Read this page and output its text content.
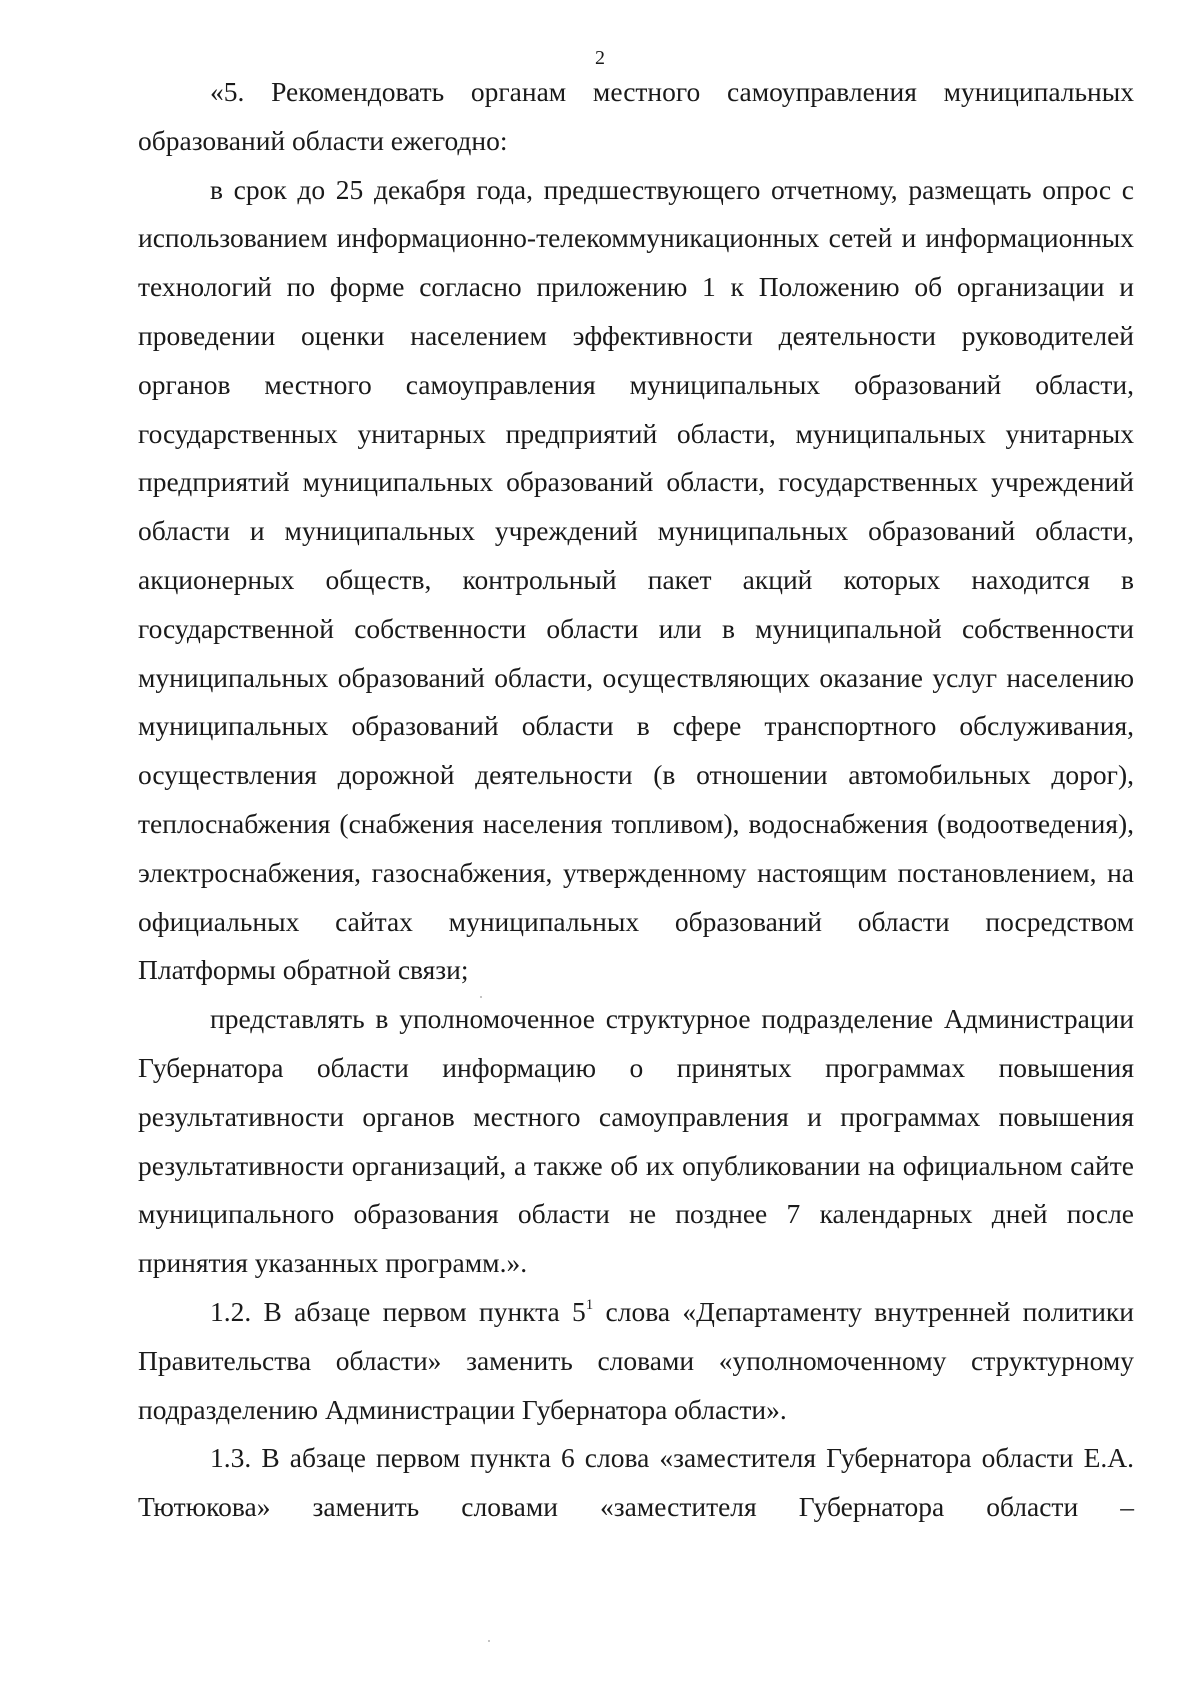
2

«5. Рекомендовать органам местного самоуправления муниципальных образований области ежегодно:

в срок до 25 декабря года, предшествующего отчетному, размещать опрос с использованием информационно-телекоммуникационных сетей и информационных технологий по форме согласно приложению 1 к Положению об организации и проведении оценки населением эффективности деятельности руководителей органов местного самоуправления муниципальных образований области, государственных унитарных предприятий области, муниципальных унитарных предприятий муниципальных образований области, государственных учреждений области и муниципальных учреждений муниципальных образований области, акционерных обществ, контрольный пакет акций которых находится в государственной собственности области или в муниципальной собственности муниципальных образований области, осуществляющих оказание услуг населению муниципальных образований области в сфере транспортного обслуживания, осуществления дорожной деятельности (в отношении автомобильных дорог), теплоснабжения (снабжения населения топливом), водоснабжения (водоотведения), электроснабжения, газоснабжения, утвержденному настоящим постановлением, на официальных сайтах муниципальных образований области посредством Платформы обратной связи;

представлять в уполномоченное структурное подразделение Администрации Губернатора области информацию о принятых программах повышения результативности органов местного самоуправления и программах повышения результативности организаций, а также об их опубликовании на официальном сайте муниципального образования области не позднее 7 календарных дней после принятия указанных программ.».

1.2. В абзаце первом пункта $5^1$ слова «Департаменту внутренней политики Правительства области» заменить словами «уполномоченному структурному подразделению Администрации Губернатора области».

1.3. В абзаце первом пункта 6 слова «заместителя Губернатора области Е.А. Тютюкова» заменить словами «заместителя Губернатора области –
